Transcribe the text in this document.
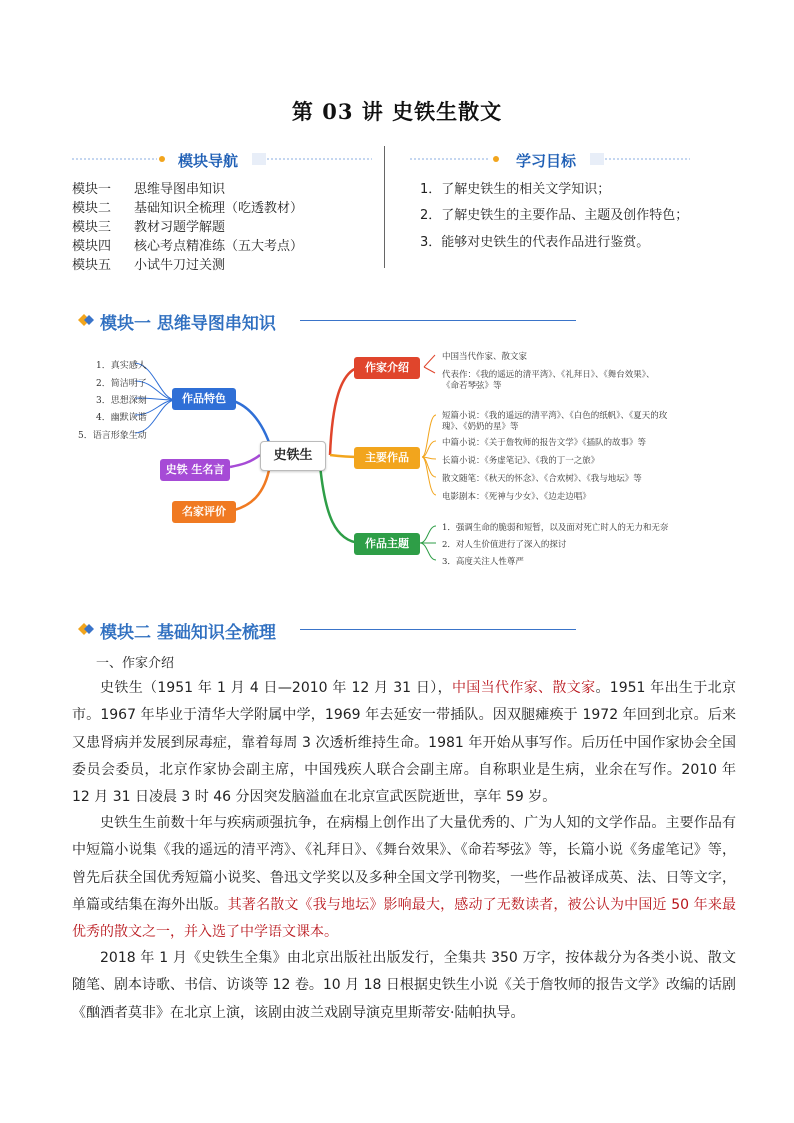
第 03 讲 史铁生散文
模块导航
模块一 思维导图串知识
模块二 基础知识全梳理（吃透教材）
模块三 教材习题学解题
模块四 核心考点精准练（五大考点）
模块五 小试牛刀过关测
学习目标
1．了解史铁生的相关文学知识；
2．了解史铁生的主要作品、主题及创作特色；
3．能够对史铁生的代表作品进行鉴赏。
模块一 思维导图串知识
史铁生
作品特色
史铁 生名言
名家评价
1．真实感人
2．简洁明了
3．思想深刻
4．幽默诙谐
5．语言形象生动
作家介绍
主要作品
作品主题
中国当代作家、散文家
代表作：《我的遥远的清平湾》、《礼拜日》、《舞台效果》、
《命若琴弦》等
短篇小说：《我的遥远的清平湾》、《白色的纸帆》、《夏天的玫
瑰》、《奶奶的星》等
中篇小说：《关于詹牧师的报告文学》《插队的故事》等
长篇小说：《务虚笔记》、《我的丁一之旅》
散文随笔：《秋天的怀念》、《合欢树》、《我与地坛》等
电影剧本：《死神与少女》、《边走边唱》
1．强调生命的脆弱和短暂，以及面对死亡时人的无力和无奈
2．对人生价值进行了深入的探讨
3．高度关注人性尊严
模块二 基础知识全梳理
一、作家介绍
史铁生（1951 年 1 月 4 日—2010 年 12 月 31 日），中国当代作家、散文家。1951 年出生于北京市。1967 年毕业于清华大学附属中学，1969 年去延安一带插队。因双腿瘫痪于 1972 年回到北京。后来又患肾病并发展到尿毒症，靠着每周 3 次透析维持生命。1981 年开始从事写作。后历任中国作家协会全国委员会委员，北京作家协会副主席，中国残疾人联合会副主席。自称职业是生病，业余在写作。2010 年 12 月 31 日凌晨 3 时 46 分因突发脑溢血在北京宣武医院逝世，享年 59 岁。
史铁生生前数十年与疾病顽强抗争，在病榻上创作出了大量优秀的、广为人知的文学作品。主要作品有中短篇小说集《我的遥远的清平湾》、《礼拜日》、《舞台效果》、《命若琴弦》等，长篇小说《务虚笔记》等，曾先后获全国优秀短篇小说奖、鲁迅文学奖以及多种全国文学刊物奖，一些作品被译成英、法、日等文字，单篇或结集在海外出版。其著名散文《我与地坛》影响最大，感动了无数读者，被公认为中国近 50 年来最优秀的散文之一，并入选了中学语文课本。
2018 年 1 月《史铁生全集》由北京出版社出版发行，全集共 350 万字，按体裁分为各类小说、散文随笔、剧本诗歌、书信、访谈等 12 卷。10 月 18 日根据史铁生小说《关于詹牧师的报告文学》改编的话剧《酗酒者莫非》在北京上演，该剧由波兰戏剧导演克里斯蒂安·陆帕执导。
